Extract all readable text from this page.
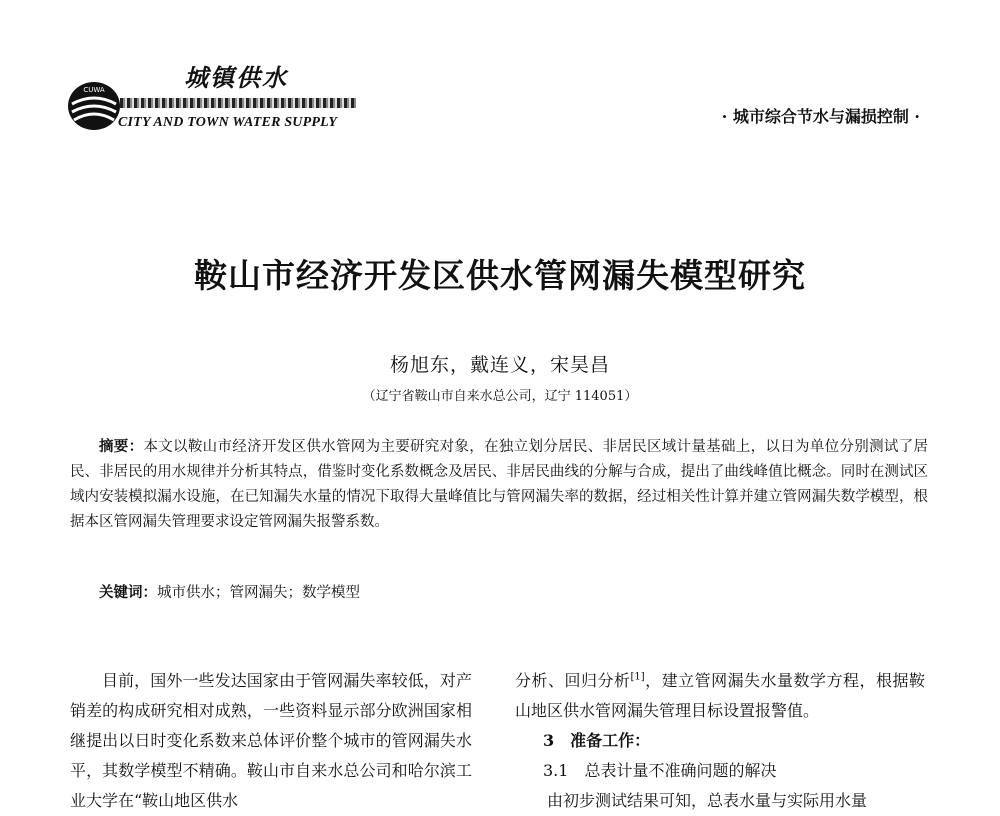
CUWA	城镇供水
CITY AND TOWN WATER SUPPLY	· 城市综合节水与漏损控制 ·
鞍山市经济开发区供水管网漏失模型研究
杨旭东，戴连义，宋昊昌
（辽宁省鞍山市自来水总公司，辽宁 114051）
摘要：本文以鞍山市经济开发区供水管网为主要研究对象，在独立划分居民、非居民区域计量基础上，以日为单位分别测试了居民、非居民的用水规律并分析其特点，借鉴时变化系数概念及居民、非居民曲线的分解与合成，提出了曲线峰值比概念。同时在测试区域内安装模拟漏水设施，在已知漏失水量的情况下取得大量峰值比与管网漏失率的数据，经过相关性计算并建立管网漏失数学模型，根据本区管网漏失管理要求设定管网漏失报警系数。
关键词：城市供水；管网漏失；数学模型
目前，国外一些发达国家由于管网漏失率较低，对产销差的构成研究相对成熟，一些资料显示部分欧洲国家相继提出以日时变化系数来总体评价整个城市的管网漏失水平，其数学模型不精确。鞍山市自来水总公司和哈尔滨工业大学在“鞍山地区供水

分析、回归分析[1]，建立管网漏失水量数学方程，根据鞍山地区供水管网漏失管理目标设置报警值。

3　准备工作：

3.1　总表计量不准确问题的解决

由初步测试结果可知，总表水量与实际用水量
